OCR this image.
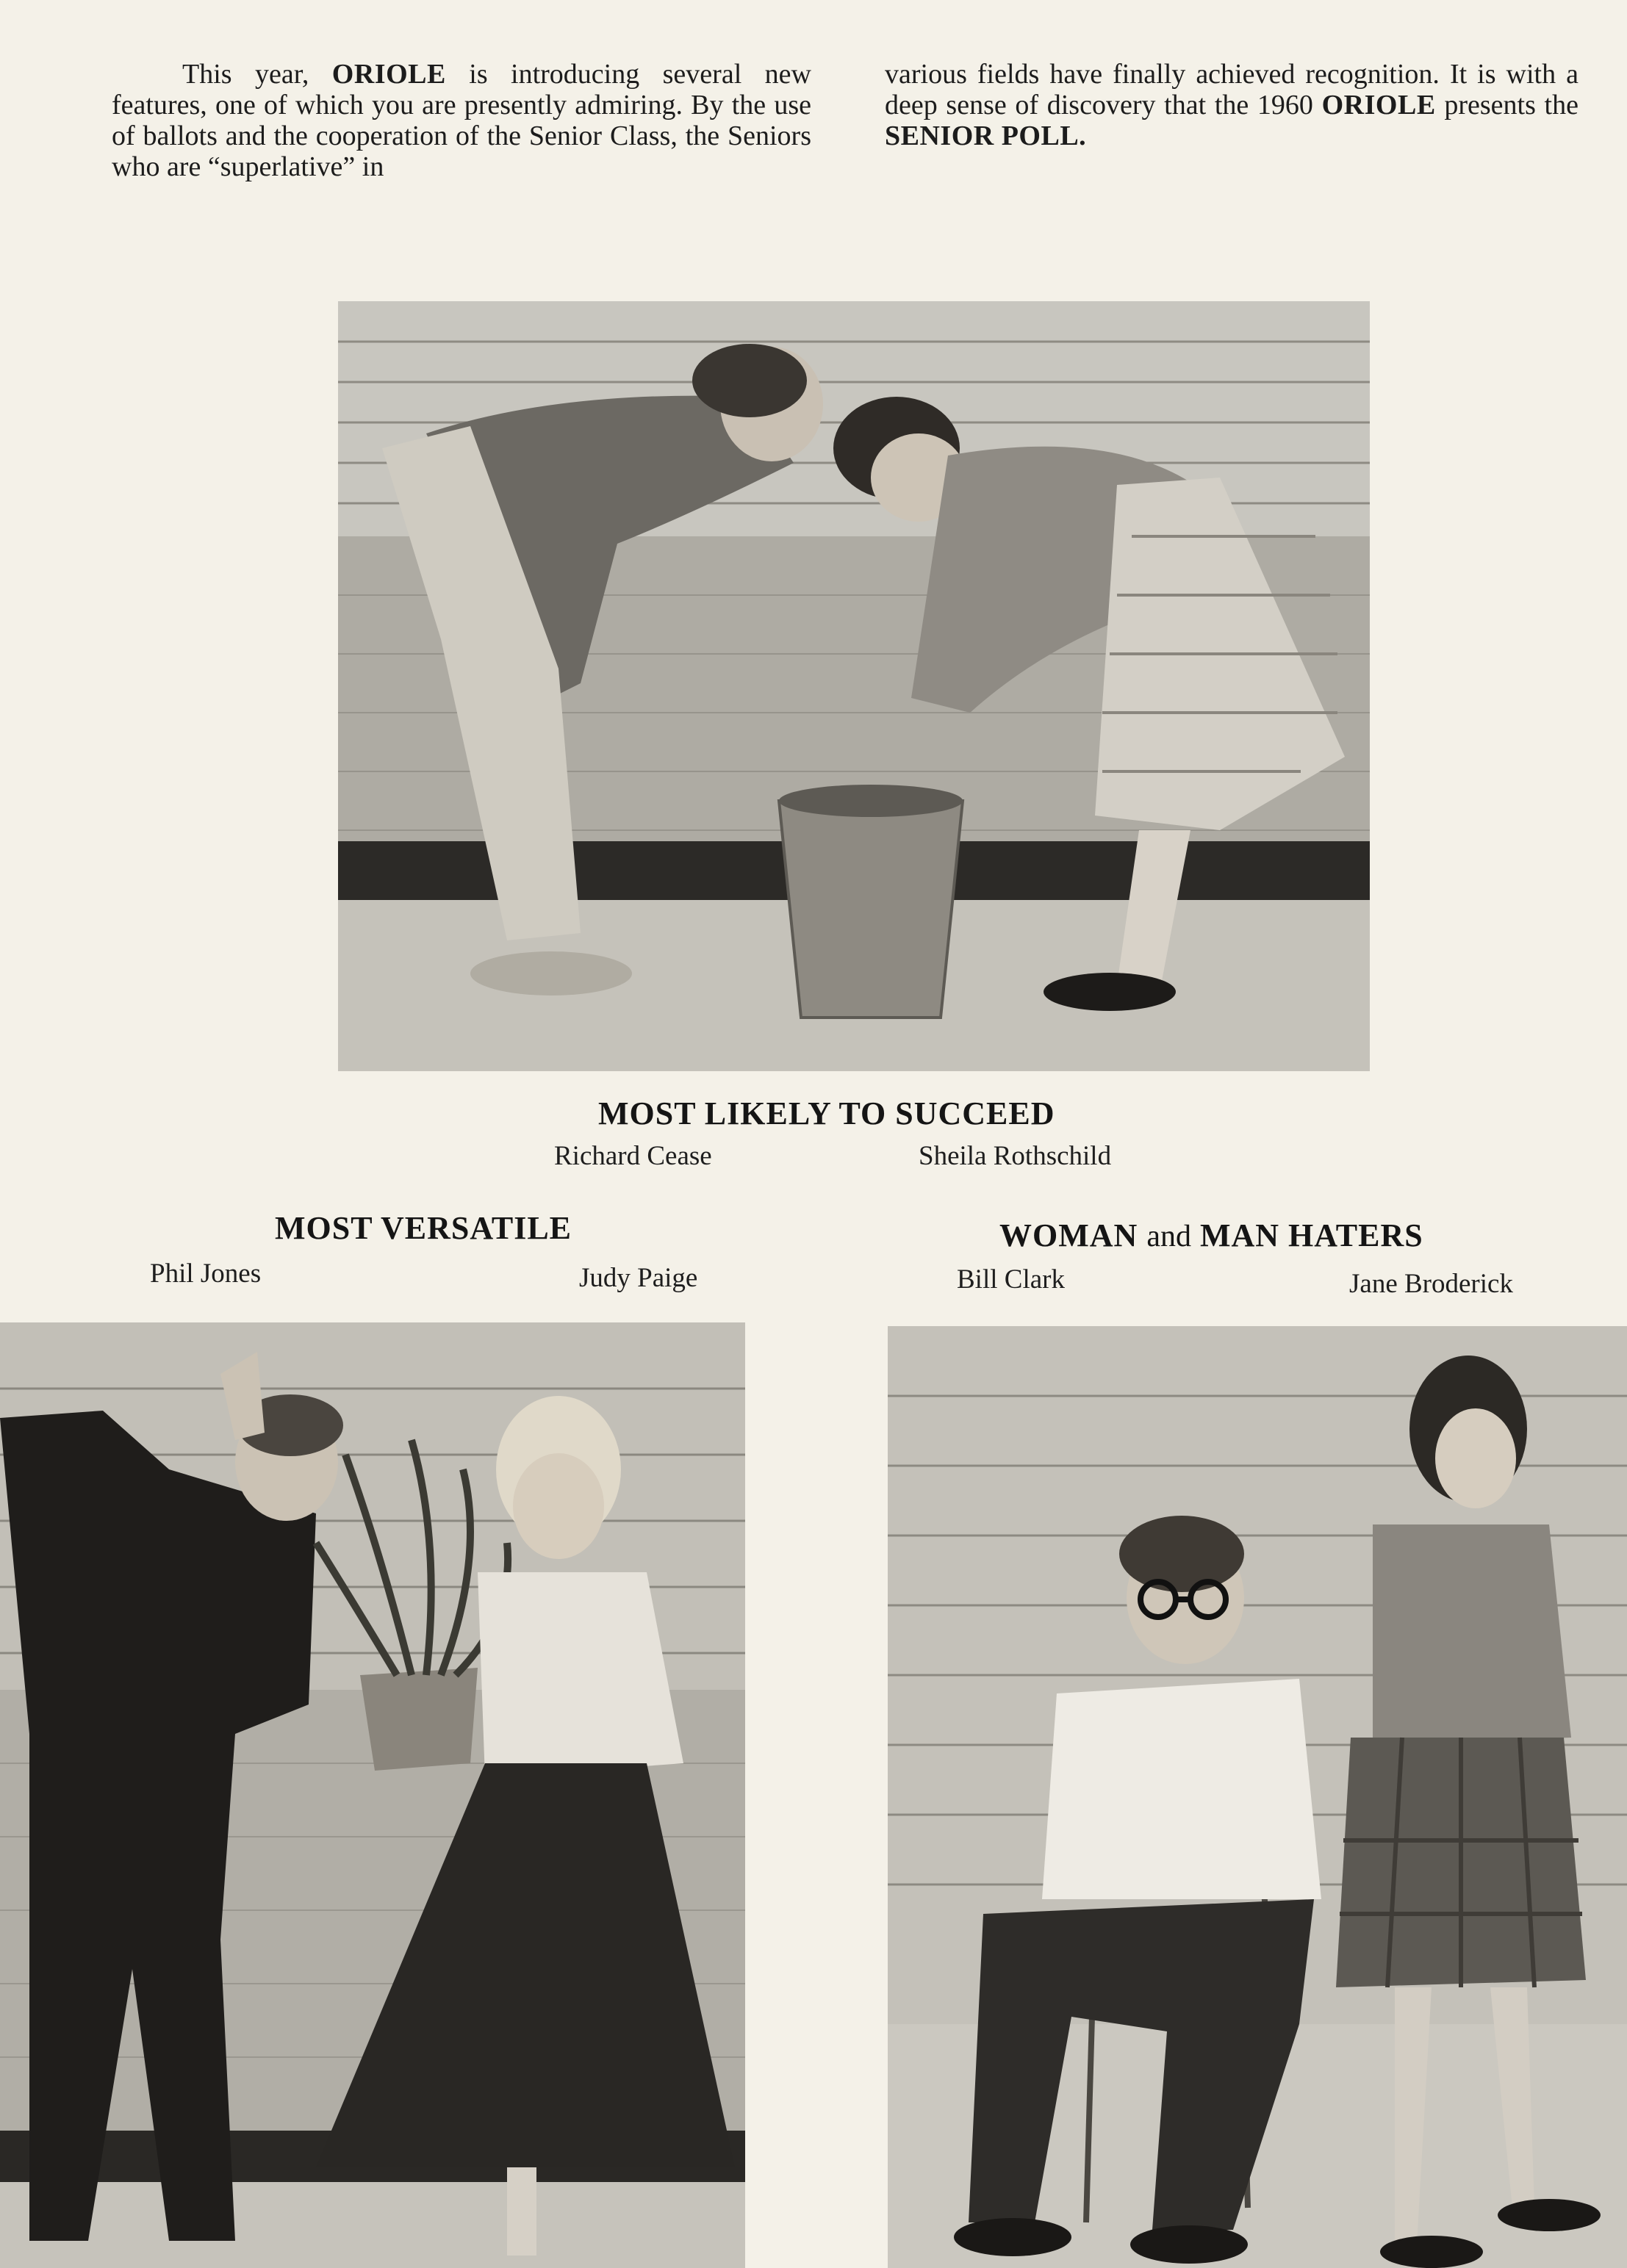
This year, ORIOLE is introducing several new features, one of which you are presently admiring. By the use of ballots and the cooperation of the Senior Class, the Seniors who are “superlative” in
various fields have finally achieved recognition. It is with a deep sense of discovery that the 1960 ORIOLE presents the SENIOR POLL.
MOST LIKELY TO SUCCEED
Richard Cease	Sheila Rothschild
MOST VERSATILE
Phil Jones	Judy Paige
WOMAN and MAN HATERS
Bill Clark	Jane Broderick
